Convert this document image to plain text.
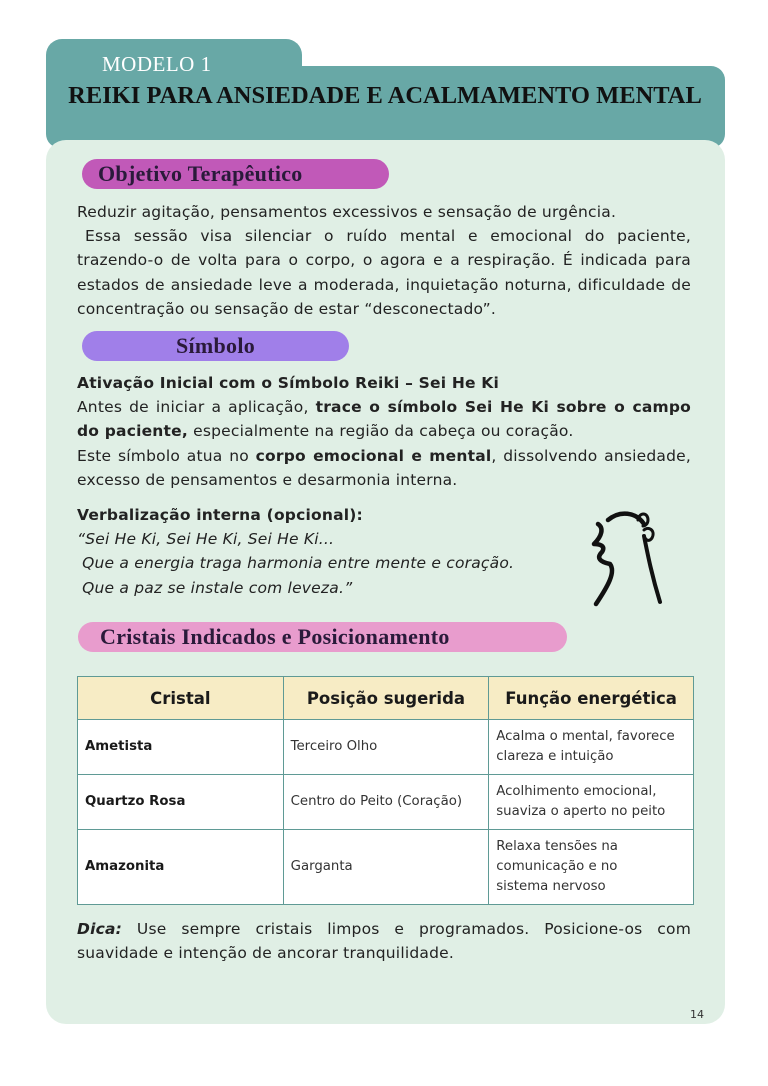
MODELO 1
REIKI PARA ANSIEDADE E ACALMAMENTO MENTAL
Objetivo Terapêutico
Reduzir agitação, pensamentos excessivos e sensação de urgência.
Essa sessão visa silenciar o ruído mental e emocional do paciente, trazendo-o de volta para o corpo, o agora e a respiração. É indicada para estados de ansiedade leve a moderada, inquietação noturna, dificuldade de concentração ou sensação de estar “desconectado”.
Símbolo
Ativação Inicial com o Símbolo Reiki – Sei He Ki
Antes de iniciar a aplicação, trace o símbolo Sei He Ki sobre o campo do paciente, especialmente na região da cabeça ou coração.
Este símbolo atua no corpo emocional e mental, dissolvendo ansiedade, excesso de pensamentos e desarmonia interna.
Verbalização interna (opcional):
“Sei He Ki, Sei He Ki, Sei He Ki...
Que a energia traga harmonia entre mente e coração.
Que a paz se instale com leveza.”
Cristais Indicados e Posicionamento
Cristal	Posição sugerida	Função energética
Ametista	Terceiro Olho	Acalma o mental, favorece clareza e intuição
Quartzo Rosa	Centro do Peito (Coração)	Acolhimento emocional, suaviza o aperto no peito
Amazonita	Garganta	Relaxa tensões na comunicação e no sistema nervoso
Dica: Use sempre cristais limpos e programados. Posicione-os com suavidade e intenção de ancorar tranquilidade.
14
